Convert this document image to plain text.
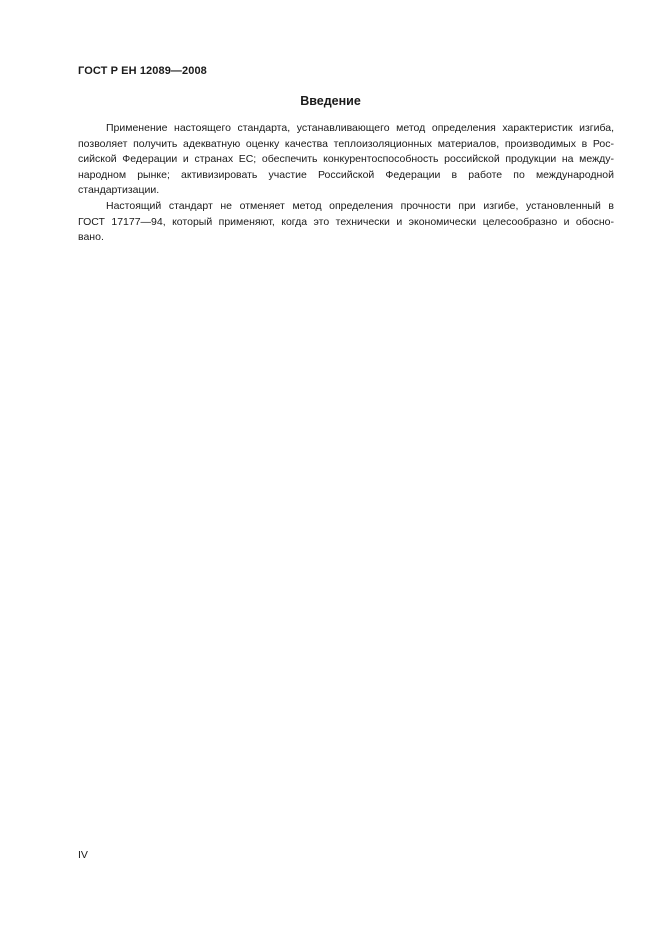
ГОСТ Р ЕН 12089—2008
Введение

Применение настоящего стандарта, устанавливающего метод определения характеристик изгиба,
позволяет получить адекватную оценку качества теплоизоляционных материалов, производимых в Рос-
сийской Федерации и странах ЕС; обеспечить конкурентоспособность российской продукции на между-
народном рынке; активизировать участие Российской Федерации в работе по международной
стандартизации.

Настоящий стандарт не отменяет метод определения прочности при изгибе, установленный в
ГОСТ 17177—94, который применяют, когда это технически и экономически целесообразно и обосно-
вано.

IV
